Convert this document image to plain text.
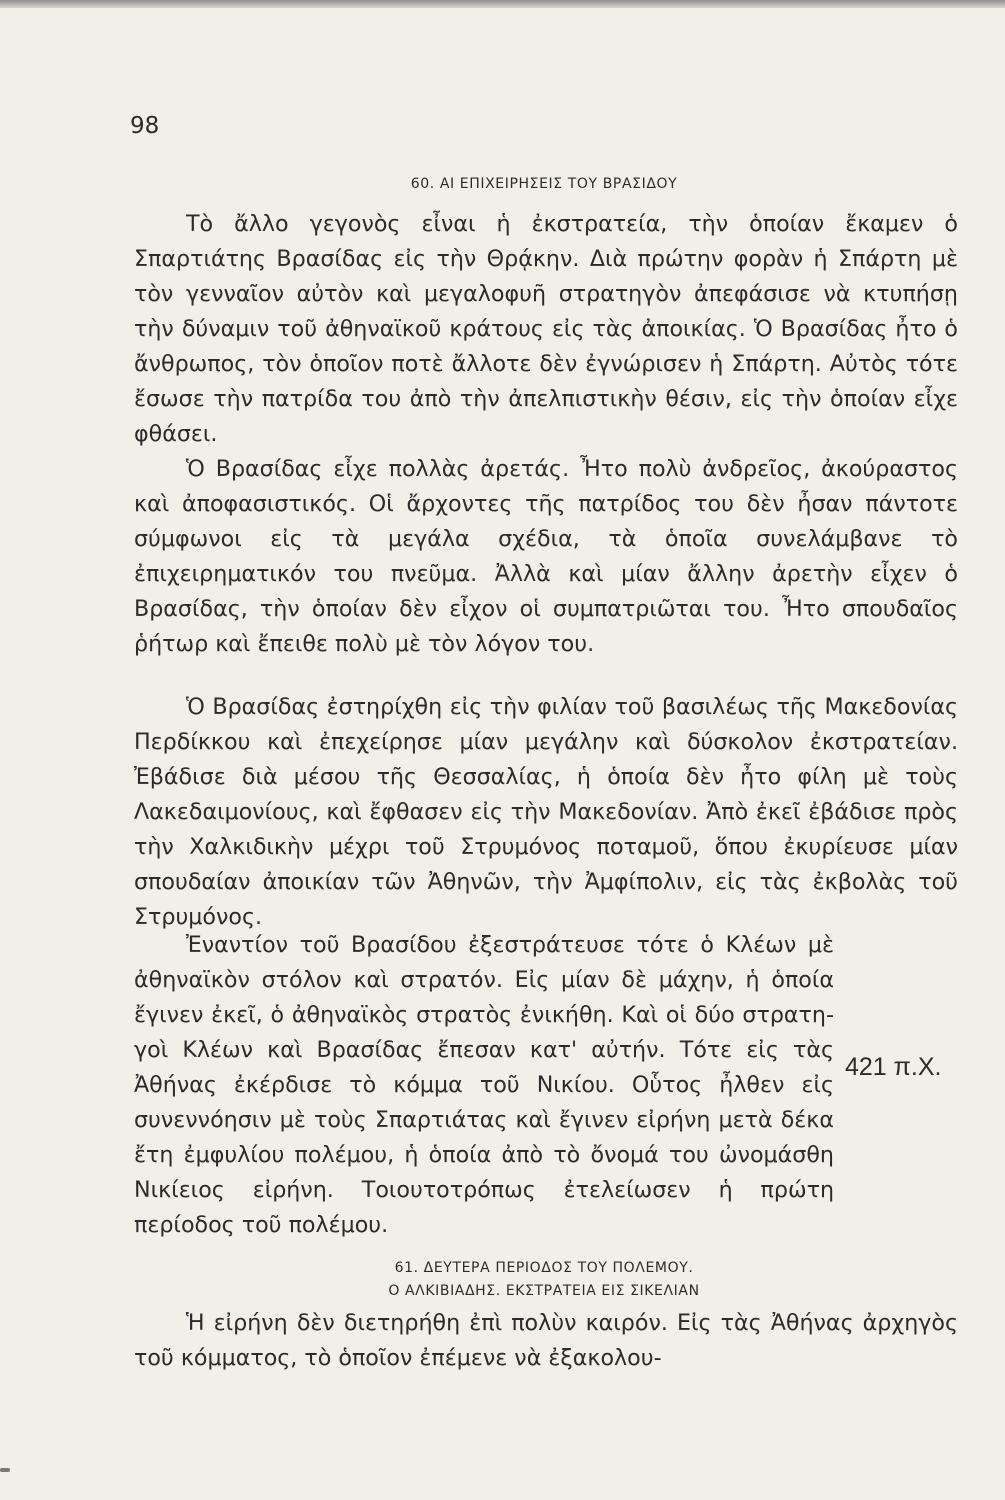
98
60. ΑΙ ΕΠΙΧΕΙΡΗΣΕΙΣ ΤΟΥ ΒΡΑΣΙΔΟΥ
Τὸ ἄλλο γεγονὸς εἶναι ἡ ἐκστρατεία, τὴν ὁποίαν ἔκαμεν ὁ Σπαρτιάτης Βρασίδας εἰς τὴν Θρᾴκην. Διὰ πρώτην φορὰν ἡ Σπάρτη μὲ τὸν γενναῖον αὐτὸν καὶ μεγαλοφυῆ στρατηγὸν ἀπεφάσισε νὰ κτυπήσῃ τὴν δύναμιν τοῦ ἀθηναϊκοῦ κράτους εἰς τὰς ἀποικίας. Ὁ Βρασίδας ἦτο ὁ ἄνθρωπος, τὸν ὁποῖον ποτὲ ἄλλοτε δὲν ἐγνώρισεν ἡ Σπάρτη. Αὐτὸς τότε ἔσωσε τὴν πατρίδα του ἀπὸ τὴν ἀπελπιστικὴν θέσιν, εἰς τὴν ὁποίαν εἶχε φθάσει.
Ὁ Βρασίδας εἶχε πολλὰς ἀρετάς. Ἦτο πολὺ ἀνδρεῖος, ἀκούραστος καὶ ἀποφασιστικός. Οἱ ἄρχοντες τῆς πατρίδος του δὲν ἦσαν πάντοτε σύμφωνοι εἰς τὰ μεγάλα σχέδια, τὰ ὁποῖα συνελάμβανε τὸ ἐπιχειρηματικόν του πνεῦμα. Ἀλλὰ καὶ μίαν ἄλλην ἀρετὴν εἶχεν ὁ Βρασίδας, τὴν ὁποίαν δὲν εἶχον οἱ συμπατριῶται του. Ἦτο σπουδαῖος ῥήτωρ καὶ ἔπειθε πολὺ μὲ τὸν λόγον του.
Ὁ Βρασίδας ἐστηρίχθη εἰς τὴν φιλίαν τοῦ βασιλέως τῆς Μακεδονίας Περδίκκου καὶ ἐπεχείρησε μίαν μεγάλην καὶ δύσκολον ἐκστρατείαν. Ἐβάδισε διὰ μέσου τῆς Θεσσαλίας, ἡ ὁποία δὲν ἦτο φίλη μὲ τοὺς Λακεδαιμονίους, καὶ ἔφθασεν εἰς τὴν Μακεδονίαν. Ἀπὸ ἐκεῖ ἐβάδισε πρὸς τὴν Χαλκιδικὴν μέχρι τοῦ Στρυμόνος ποταμοῦ, ὅπου ἐκυρίευσε μίαν σπουδαίαν ἀποικίαν τῶν Ἀθηνῶν, τὴν Ἀμφίπολιν, εἰς τὰς ἐκβολὰς τοῦ Στρυμόνος.
Ἐναντίον τοῦ Βρασίδου ἐξεστράτευσε τότε ὁ Κλέων μὲ ἀθηναϊκὸν στόλον καὶ στρατόν. Εἰς μίαν δὲ μάχην, ἡ ὁποία ἔγινεν ἐκεῖ, ὁ ἀθηναϊκὸς στρατὸς ἐνικήθη. Καὶ οἱ δύο στρατηγοὶ Κλέων καὶ Βρασίδας ἔπεσαν κατ' αὐτήν. Τότε εἰς τὰς Ἀθήνας ἐκέρδισε τὸ κόμμα τοῦ Νικίου. Οὗτος ἦλθεν εἰς συνεννόησιν μὲ τοὺς Σπαρτιάτας καὶ ἔγινεν εἰρήνη μετὰ δέκα ἔτη ἐμφυλίου πολέμου, ἡ ὁποία ἀπὸ τὸ ὄνομά του ὠνομάσθη Νικίειος εἰρήνη. Τοιουτοτρόπως ἐτελείωσεν ἡ πρώτη περίοδος τοῦ πολέμου.
421 π.Χ.
61. ΔΕΥΤΕΡΑ ΠΕΡΙΟΔΟΣ ΤΟΥ ΠΟΛΕΜΟΥ.
Ο ΑΛΚΙΒΙΑΔΗΣ. ΕΚΣΤΡΑΤΕΙΑ ΕΙΣ ΣΙΚΕΛΙΑΝ
Ἡ εἰρήνη δὲν διετηρήθη ἐπὶ πολὺν καιρόν. Εἰς τὰς Ἀθήνας ἀρχηγὸς τοῦ κόμματος, τὸ ὁποῖον ἐπέμενε νὰ ἐξακολου-
